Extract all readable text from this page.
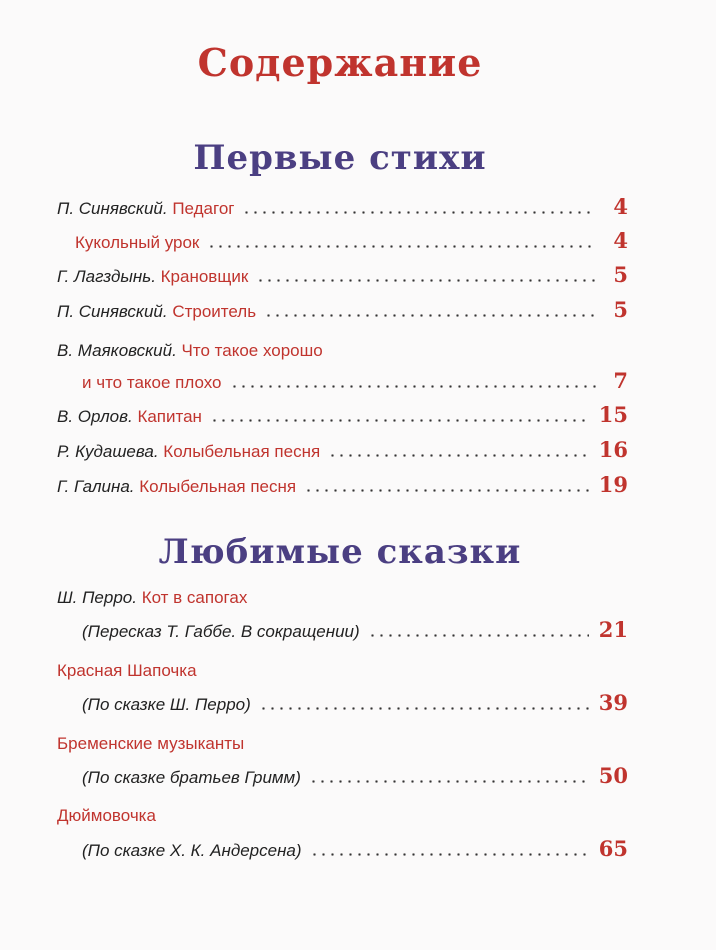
Содержание
Первые стихи
Любимые сказки
П. Синявский. Педагог	4
Кукольный урок	4
Г. Лагздынь. Крановщик	5
П. Синявский. Строитель	5
В. Маяковский. Что такое хорошо
и что такое плохо	7
В. Орлов. Капитан	15
Р. Кудашева. Колыбельная песня	16
Г. Галина. Колыбельная песня	19
Ш. Перро. Кот в сапогах
(Пересказ Т. Габбе. В сокращении)	21
Красная Шапочка
(По сказке Ш. Перро)	39
Бременские музыканты
(По сказке братьев Гримм)	50
Дюймовочка
(По сказке Х. К. Андерсена)	65
